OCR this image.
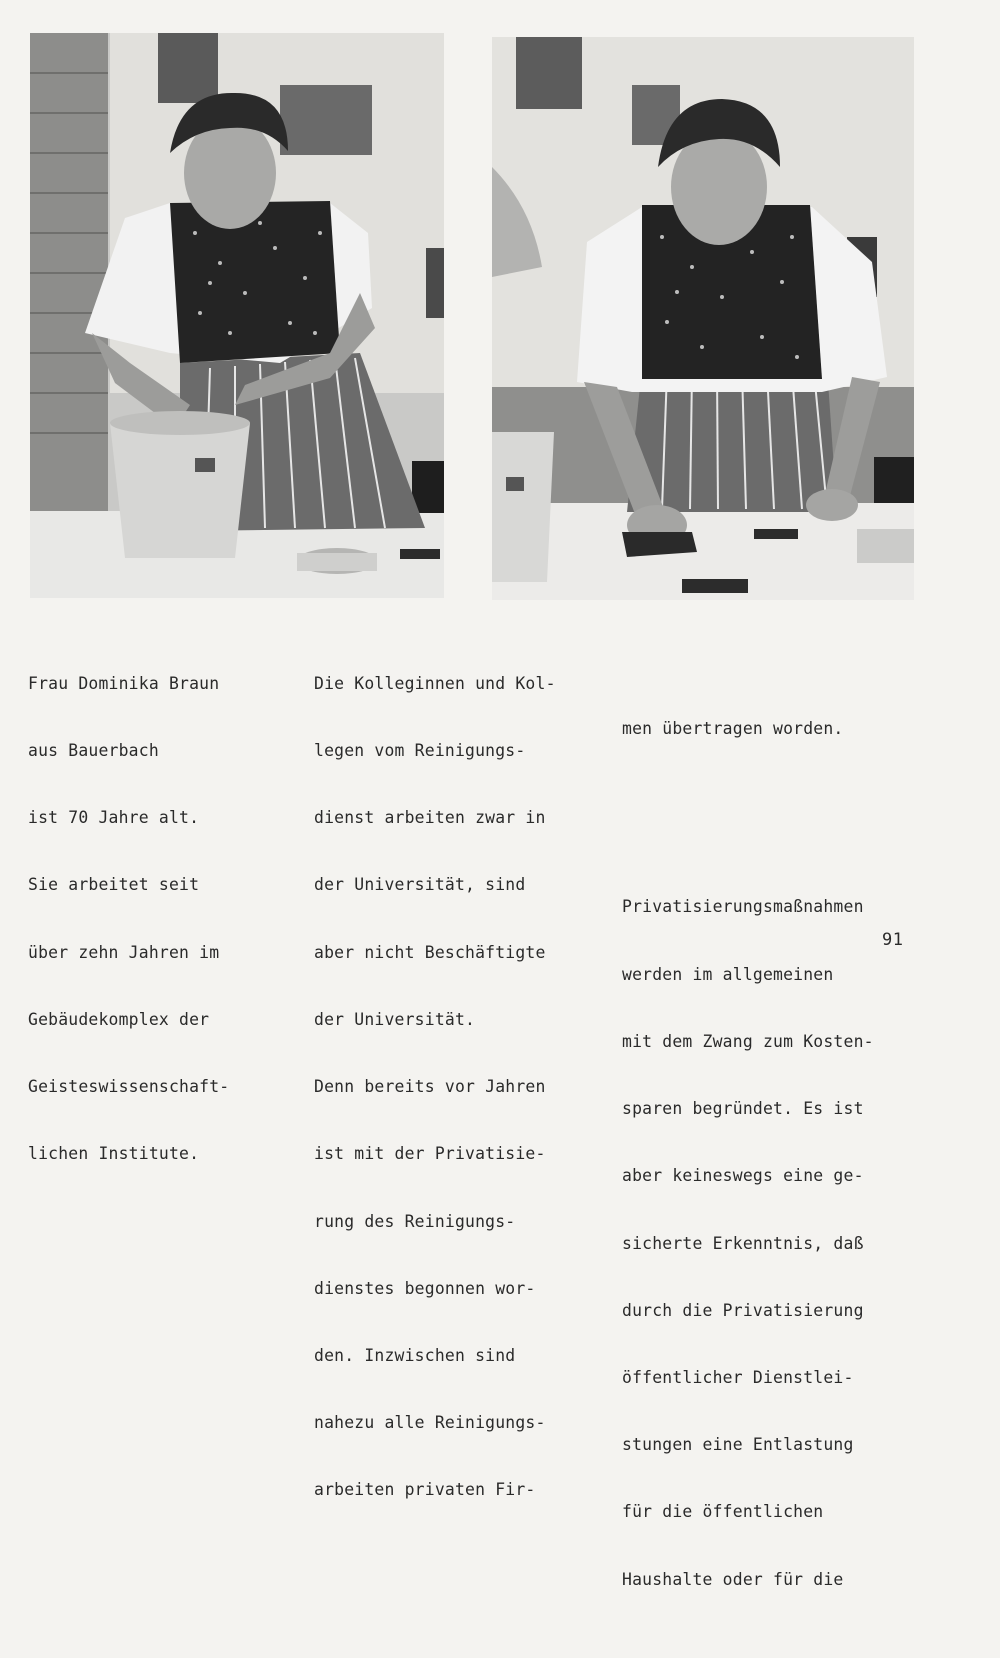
Frau Dominika Braun

aus Bauerbach

ist 70 Jahre alt.

Sie arbeitet seit

über zehn Jahren im

Gebäudekomplex der

Geisteswissenschaft-

lichen Institute.

Die Kolleginnen und Kol-

legen vom Reinigungs-

dienst arbeiten zwar in

der Universität, sind

aber nicht Beschäftigte

der Universität.

Denn bereits vor Jahren

ist mit der Privatisie-

rung des Reinigungs-

dienstes begonnen wor-

den. Inzwischen sind

nahezu alle Reinigungs-

arbeiten privaten Fir-

men übertragen worden.

Privatisierungsmaßnahmen

werden im allgemeinen

mit dem Zwang zum Kosten-

sparen begründet. Es ist

aber keineswegs eine ge-

sicherte Erkenntnis, daß

durch die Privatisierung

öffentlicher Dienstlei-

stungen eine Entlastung

für die öffentlichen

Haushalte oder für die

91
